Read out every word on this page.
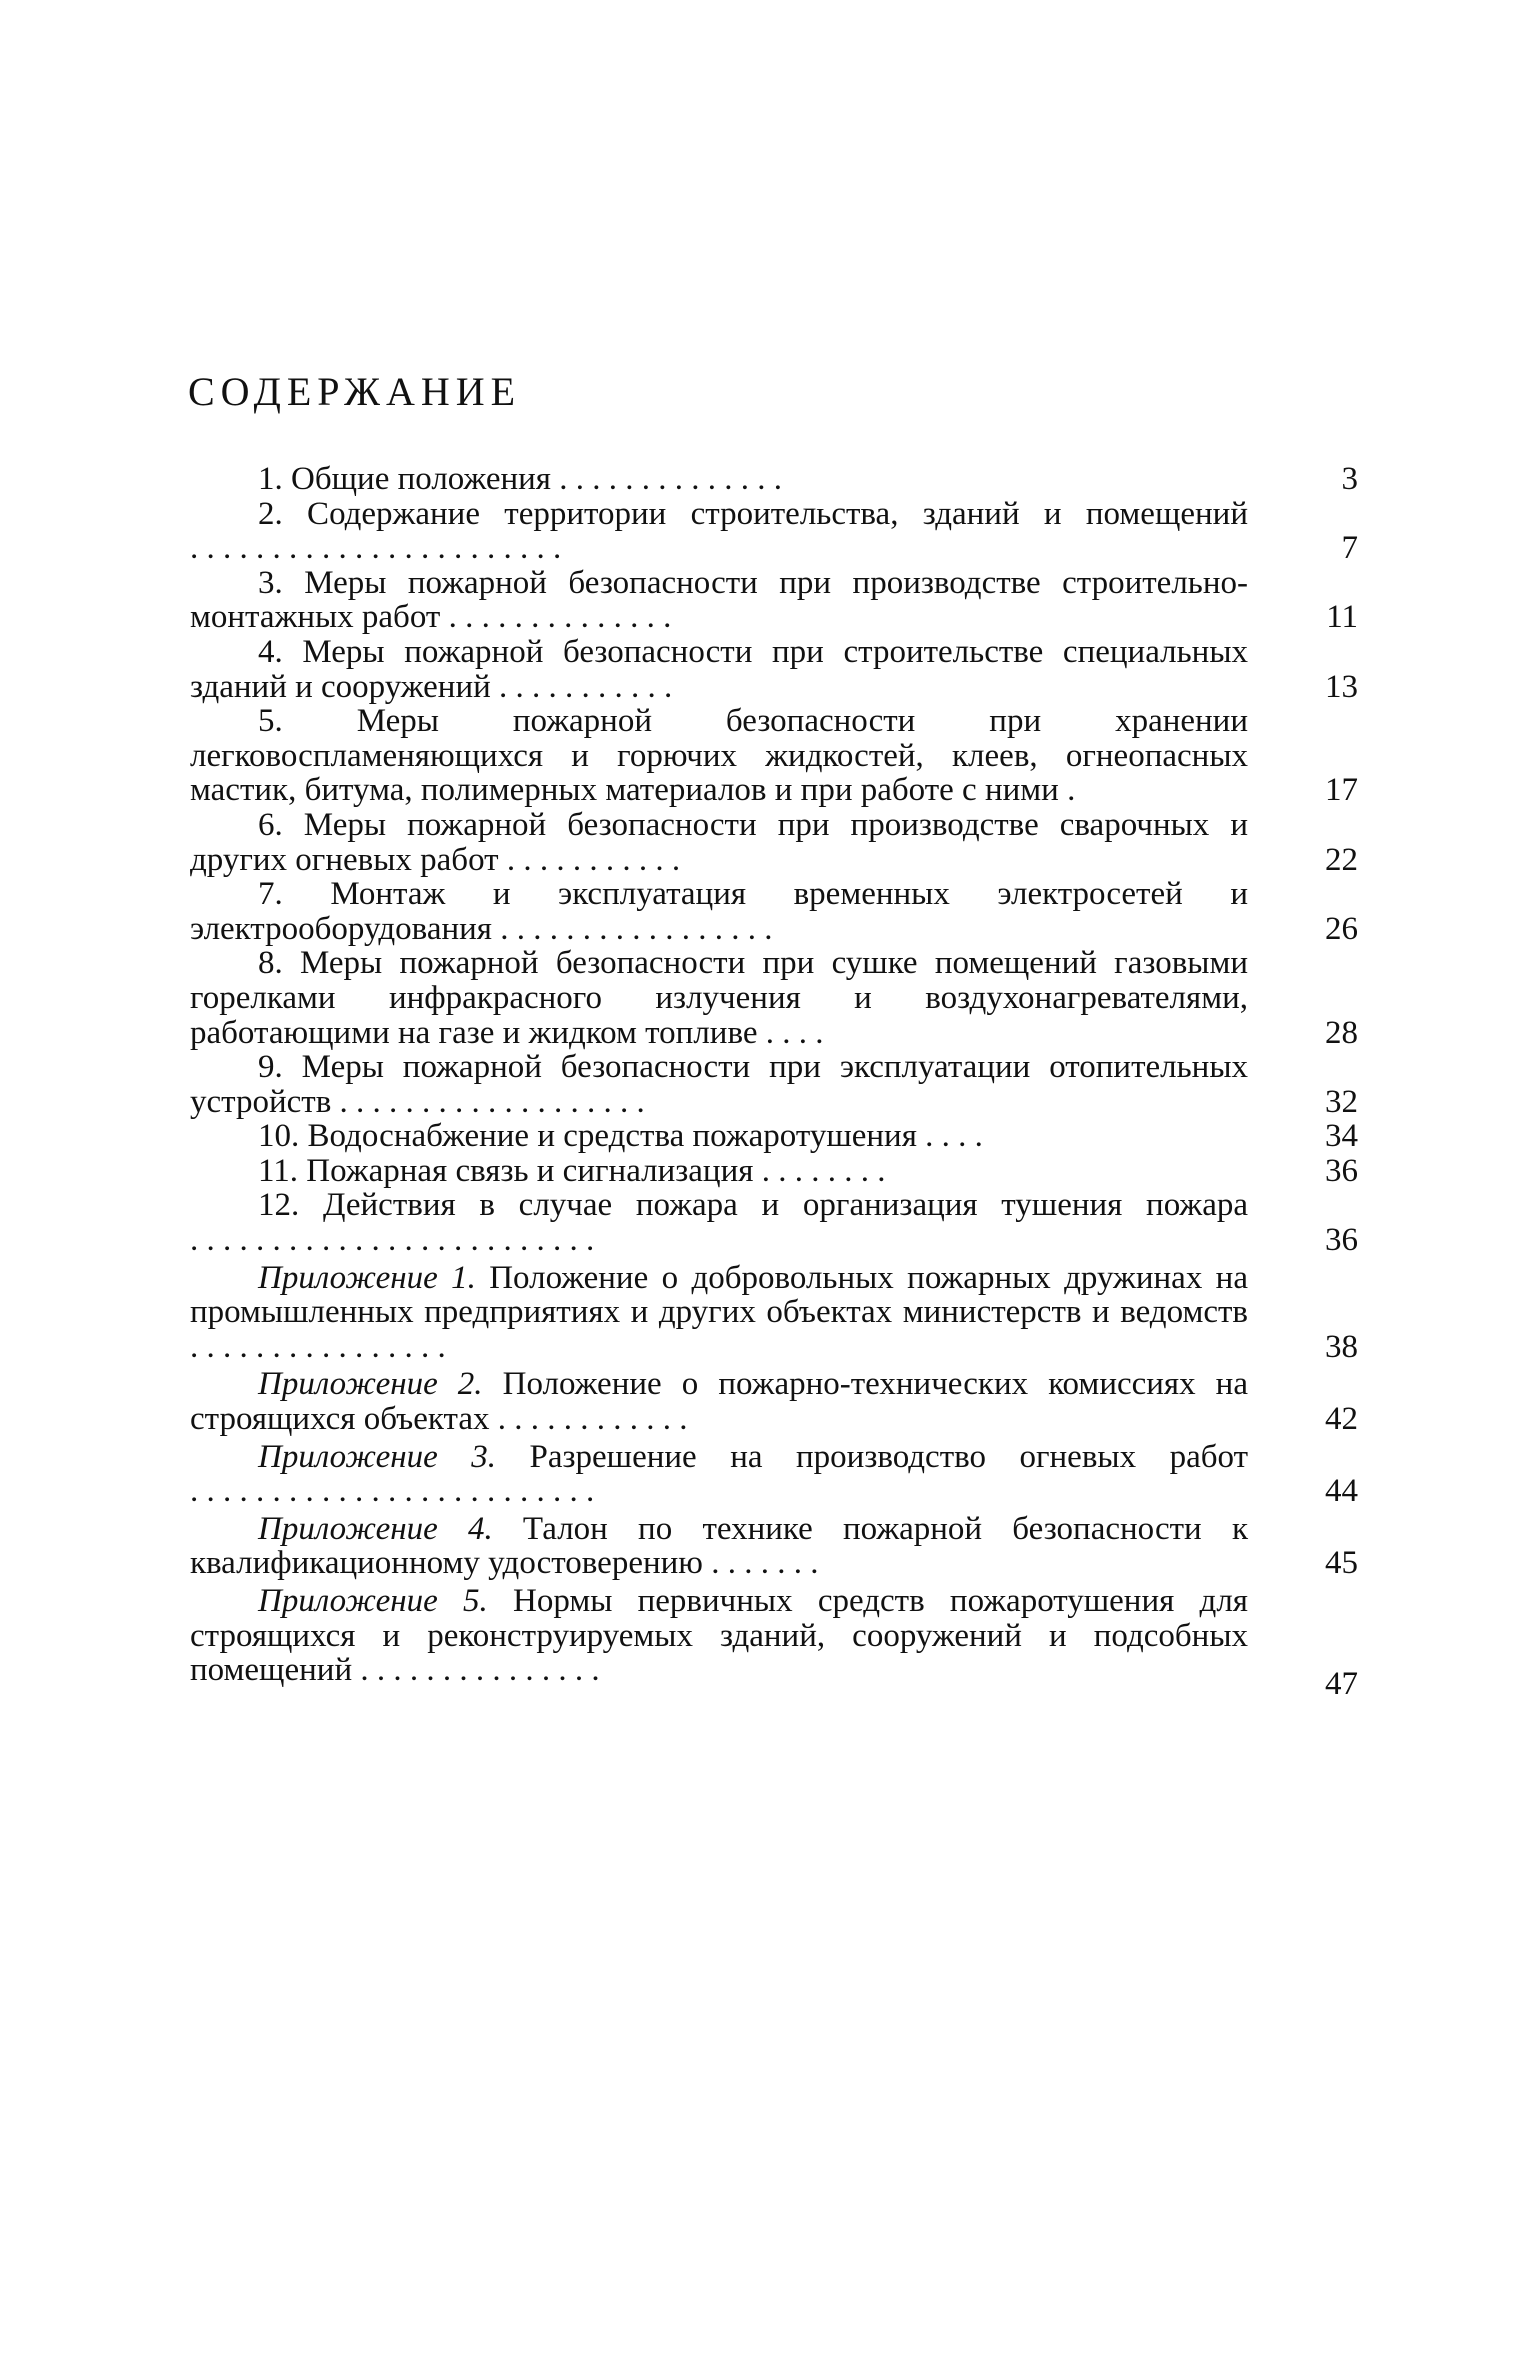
СОДЕРЖАНИЕ
1. Общие положения . . . . . . . . . . . . . .	3
2. Содержание территории строительства, зданий и помещений . . . . . . . . . . . . . . . . . . . . . . .	7
3. Меры пожарной безопасности при производстве строительно-монтажных работ . . . . . . . . . . . . . .	11
4. Меры пожарной безопасности при строительстве специальных зданий и сооружений . . . . . . . . . . .	13
5. Меры пожарной безопасности при хранении легковоспламеняющихся и горючих жидкостей, клеев, огнеопасных мастик, битума, полимерных материалов и при работе с ними .	17
6. Меры пожарной безопасности при производстве сварочных и других огневых работ . . . . . . . . . . .	22
7. Монтаж и эксплуатация временных электросетей и электрооборудования . . . . . . . . . . . . . . . . .	26
8. Меры пожарной безопасности при сушке помещений газовыми горелками инфракрасного излучения и воздухонагревателями, работающими на газе и жидком топливе . . . .	28
9. Меры пожарной безопасности при эксплуатации отопительных устройств . . . . . . . . . . . . . . . . . . .	32
10. Водоснабжение и средства пожаротушения . . . .	34
11. Пожарная связь и сигнализация . . . . . . . .	36
12. Действия в случае пожара и организация тушения пожара . . . . . . . . . . . . . . . . . . . . . . . . .	36
Приложение 1. Положение о добровольных пожарных дружинах на промышленных предприятиях и других объектах министерств и ведомств . . . . . . . . . . . . . . . .	38
Приложение 2. Положение о пожарно-технических комиссиях на строящихся объектах . . . . . . . . . . . .	42
Приложение 3. Разрешение на производство огневых работ . . . . . . . . . . . . . . . . . . . . . . . . .	44
Приложение 4. Талон по технике пожарной безопасности к квалификационному удостоверению . . . . . . .	45
Приложение 5. Нормы первичных средств пожаротушения для строящихся и реконструируемых зданий, сооружений и подсобных помещений . . . . . . . . . . . . . . .	47
